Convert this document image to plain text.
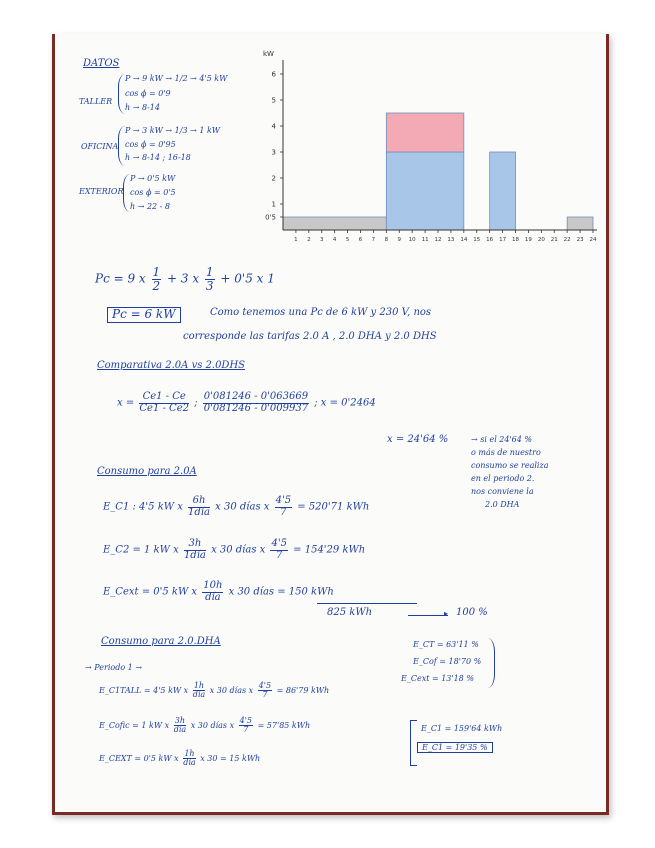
DATOS
TALLER
P → 9 kW → 1/2 → 4'5 kW
cos ϕ = 0'9
h → 8-14
OFICINA
P → 3 kW → 1/3 → 1 kW
cos ϕ = 0'95
h → 8-14 ; 16-18
EXTERIOR
P → 0'5 kW
cos ϕ = 0'5
h → 22 - 8
kW
0'5
1
2
3
4
5
6
1 2 3 4 5 6 7 8 9 10 11 12 13 14 15 16 17 18 19 20 21 22 23 24
Pc = 9 x $\frac{1}{2} + 3$ x $\frac{1}{3} + 0'5$ x 1
Pc = 6 kW	Como tenemos una Pc de 6 kW y 230 V, nos
corresponde las tarifas 2.0 A , 2.0 DHA y 2.0 DHS
Comparativa 2.0A vs 2.0DHS
$x = \frac{Ce1 - Ce}{Ce1 - Ce2}$ ; $\frac{0'081246 - 0'063669}{0'081246 - 0'009937}$ ; x = 0'2464
x = 24'64 %	→ si el 24'64 %
o más de nuestro
consumo se realiza
en el periodo 2.
nos conviene la
2.0 DHA
Consumo para 2.0A
E_C1 : 4'5 kW x $\frac{6h}{\text{1día}}$ x 30 días x $\frac{4'5}{7} = 520'71$ kWh
E_C2 = 1 kW x $\frac{3h}{\text{1día}}$ x 30 días x $\frac{4'5}{7} = 154'29$ kWh
E_Cext = 0'5 kW x $\frac{10h}{\text{día}}$ x 30 días = 150 kWh
825 kWh	▸ 100 %
Consumo para 2.0.DHA
→ Periodo 1 →
E_C1TALL = 4'5 kW x $\frac{1h}{\text{día}}$ x 30 días x $\frac{4'5}{7} = 86'79$ kWh
E_Cofic = 1 kW x $\frac{3h}{\text{día}}$ x 30 días x $\frac{4'5}{7} = 57'85$ kWh
E_CEXT = 0'5 kW x $\frac{1h}{\text{día}}$ x 30 = 15 kWh
E_CT = 63'11 %
E_Cof = 18'70 %
E_Cext = 13'18 %
E_C1 = 159'64 kWh
E_C1 = 19'35 %
